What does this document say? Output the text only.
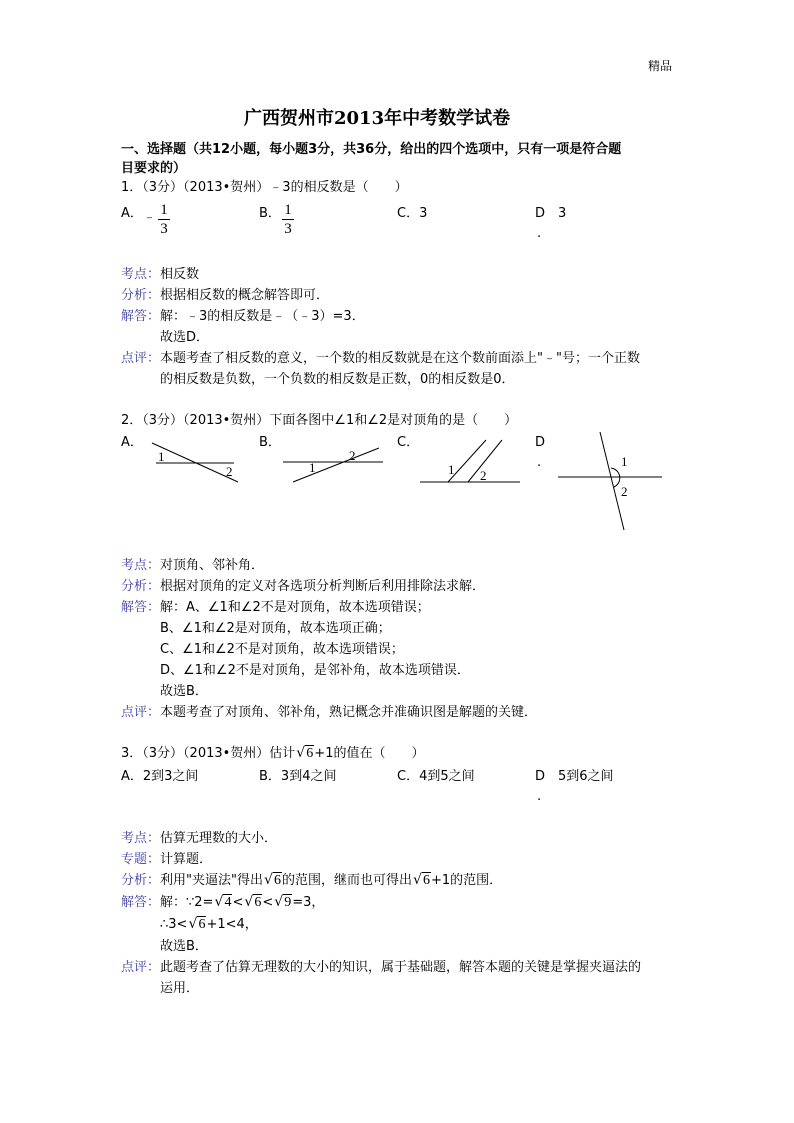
精品
广西贺州市2013年中考数学试卷
一、选择题（共12小题，每小题3分，共36分，给出的四个选项中，只有一项是符合题
目要求的）
1．（3分）（2013•贺州）﹣3的相反数是（　　）
A． ﹣ $\frac{1}{3}$	B． $\frac{1}{3}$	C．3	D 3
.
考点： 相反数
分析： 根据相反数的概念解答即可．
解答： 解：﹣3的相反数是﹣（﹣3）=3．
故选D．
点评： 本题考查了相反数的意义，一个数的相反数就是在这个数前面添上"﹣"号；一个正数
的相反数是负数，一个负数的相反数是正数，0的相反数是0．
2．（3分）（2013•贺州）下面各图中∠1和∠2是对顶角的是（　　）
A．
1
2
B．
1
2
C．
1 2
D
.	1
2
考点： 对顶角、邻补角．
分析： 根据对顶角的定义对各选项分析判断后利用排除法求解．
解答： 解：A、∠1和∠2不是对顶角，故本选项错误；
B、∠1和∠2是对顶角，故本选项正确；
C、∠1和∠2不是对顶角，故本选项错误；
D、∠1和∠2不是对顶角，是邻补角，故本选项错误．
故选B．
点评： 本题考查了对顶角、邻补角，熟记概念并准确识图是解题的关键．
3．（3分）（2013•贺州）估计 √ 6+1的值在（　　）
A．2到3之间	B．3到4之间	C．4到5之间	D 5到6之间
.
考点： 估算无理数的大小．
专题： 计算题．
分析： 利用"夹逼法"得出 √ 6的范围，继而也可得出 √ 6+1的范围．
解答： 解：∵2= √ 4< √ 6< √ 9=3，
∴3< √ 6+1<4，
故选B．
点评： 此题考查了估算无理数的大小的知识，属于基础题，解答本题的关键是掌握夹逼法的
运用．
